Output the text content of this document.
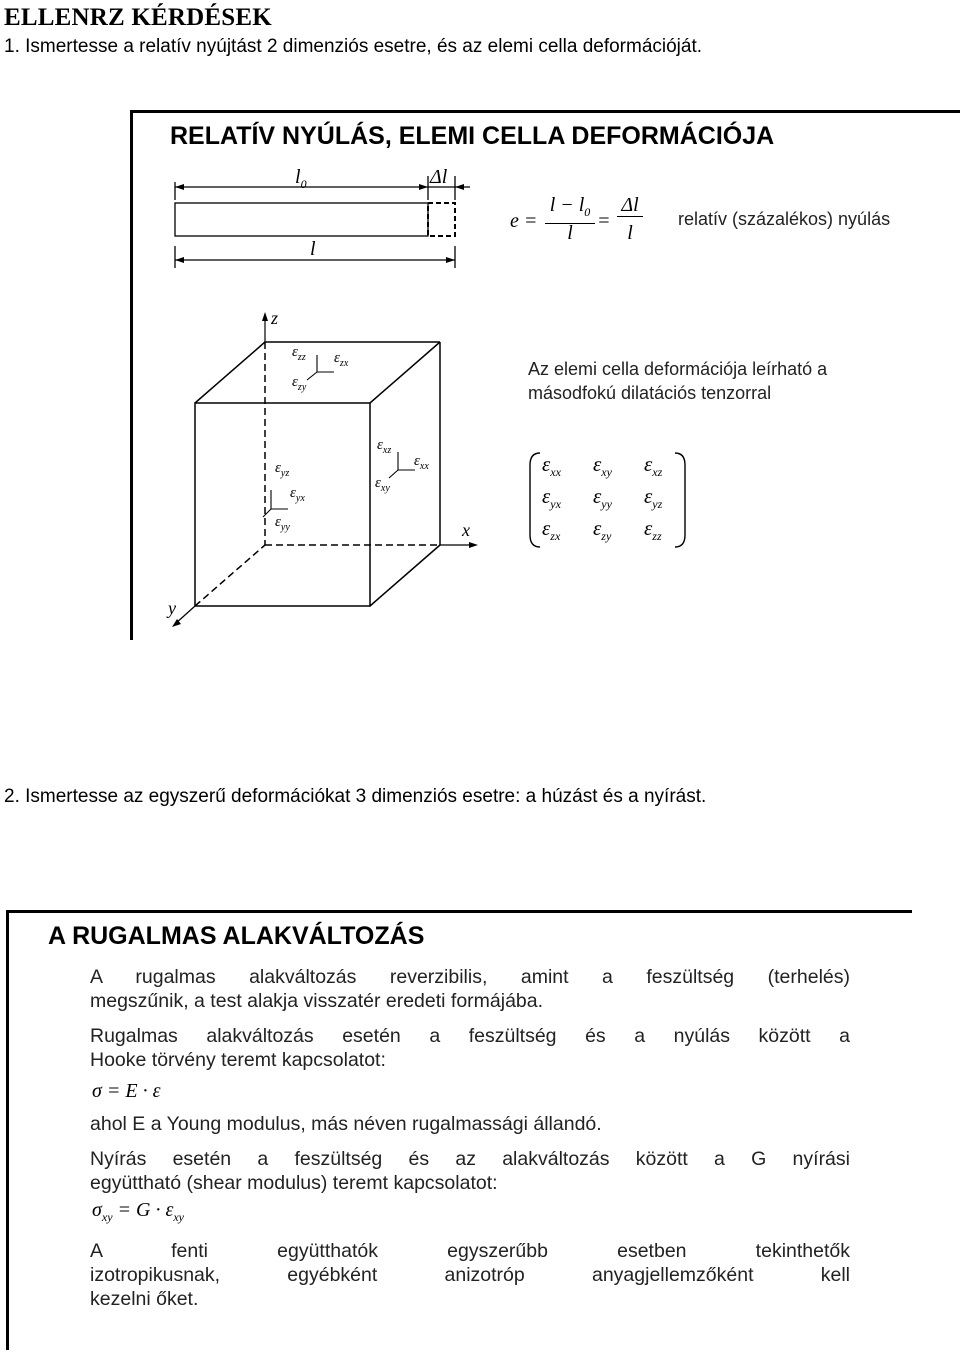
ELLENRZ KÉRDÉSEK
1. Ismertesse a relatív nyújtást 2 dimenziós esetre, és az elemi cella deformációját.
RELATÍV NYÚLÁS, ELEMI CELLA DEFORMÁCIÓJA
$l_0$	Δl
l
e =
$l - l_0$
l
=
Δl
l
relatív (százalékos) nyúlás
Az elemi cella deformációja leírható a
másodfokú dilatációs tenzorral
$\varepsilon_{xx}$ $\varepsilon_{xy}$ $\varepsilon_{xz}$
$\varepsilon_{yx}$ $\varepsilon_{yy}$ $\varepsilon_{yz}$
$\varepsilon_{zx}$ $\varepsilon_{zy}$ $\varepsilon_{zz}$
z
x
y
$\varepsilon_{zz}$ $\varepsilon_{zx}$
$\varepsilon_{zy}$
$\varepsilon_{yz}$
$\varepsilon_{yx}$
$\varepsilon_{yy}$
$\varepsilon_{xz}$
$\varepsilon_{xx}$
$\varepsilon_{xy}$
2. Ismertesse az egyszerű deformációkat 3 dimenziós esetre: a húzást és a nyírást.
A RUGALMAS ALAKVÁLTOZÁS
A rugalmas alakváltozás reverzibilis, amint a feszültség (terhelés)
megszűnik, a test alakja visszatér eredeti formájába.
Rugalmas alakváltozás esetén a feszültség és a nyúlás között a
Hooke törvény teremt kapcsolatot:
σ = E · ε
ahol E a Young modulus, más néven rugalmassági állandó.
Nyírás esetén a feszültség és az alakváltozás között a G nyírási
együttható (shear modulus) teremt kapcsolatot:
$\sigma_{xy} = G \cdot \varepsilon_{xy}$
A fenti együtthatók egyszerűbb esetben tekinthetők
izotropikusnak, egyébként anizotróp anyagjellemzőként kell
kezelni őket.
